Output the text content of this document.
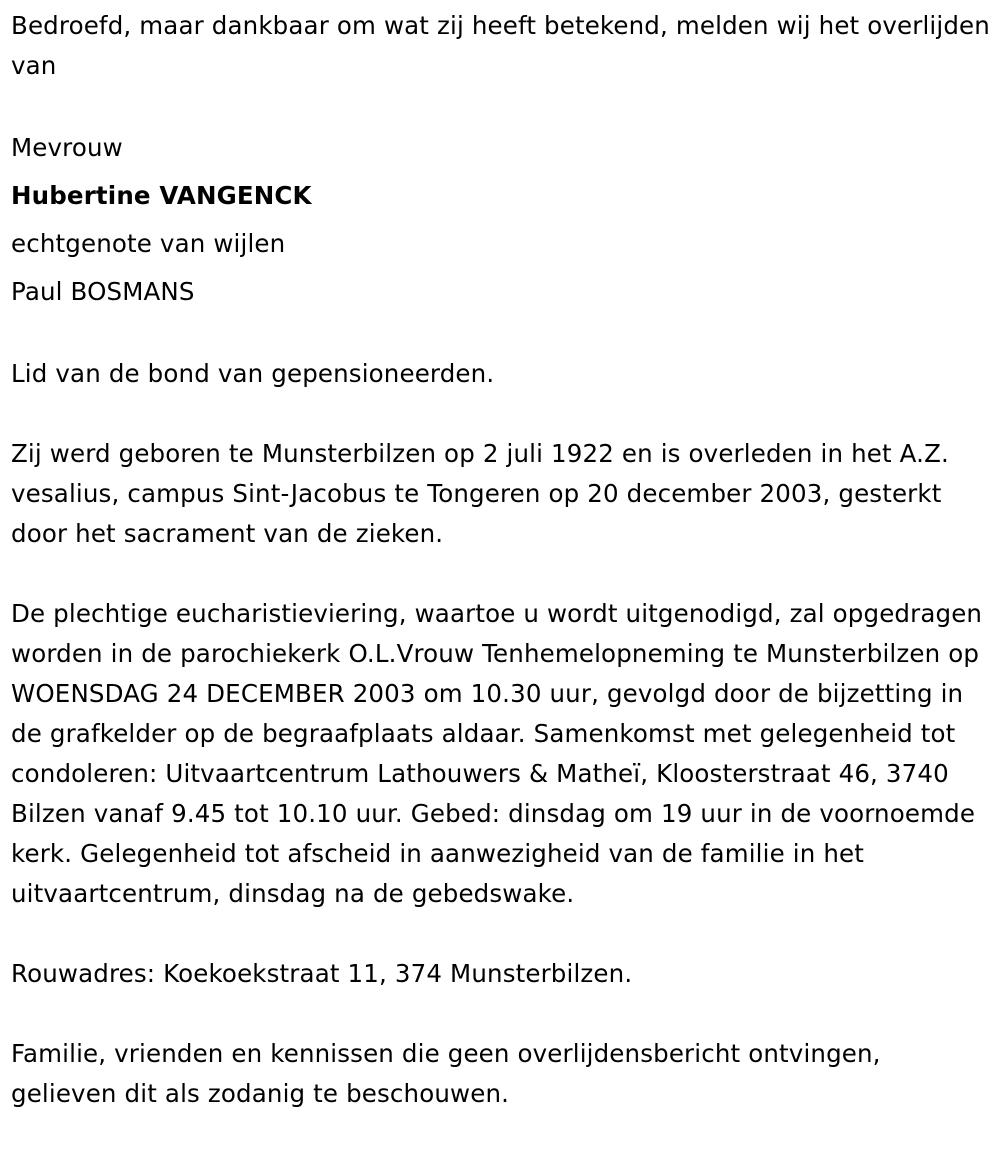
Bedroefd, maar dankbaar om wat zij heeft betekend, melden wij het overlijden van

Mevrouw
Hubertine VANGENCK
echtgenote van wijlen
Paul BOSMANS

Lid van de bond van gepensioneerden.

Zij werd geboren te Munsterbilzen op 2 juli 1922 en is overleden in het A.Z. vesalius, campus Sint-Jacobus te Tongeren op 20 december 2003, gesterkt door het sacrament van de zieken.

De plechtige eucharistieviering, waartoe u wordt uitgenodigd, zal opgedragen worden in de parochiekerk O.L.Vrouw Tenhemelopneming te Munsterbilzen op WOENSDAG 24 DECEMBER 2003 om 10.30 uur, gevolgd door de bijzetting in de grafkelder op de begraafplaats aldaar. Samenkomst met gelegenheid tot condoleren: Uitvaartcentrum Lathouwers & Matheï, Kloosterstraat 46, 3740 Bilzen vanaf 9.45 tot 10.10 uur. Gebed: dinsdag om 19 uur in de voornoemde kerk. Gelegenheid tot afscheid in aanwezigheid van de familie in het uitvaartcentrum, dinsdag na de gebedswake.

Rouwadres: Koekoekstraat 11, 374 Munsterbilzen.

Familie, vrienden en kennissen die geen overlijdensbericht ontvingen, gelieven dit als zodanig te beschouwen.
